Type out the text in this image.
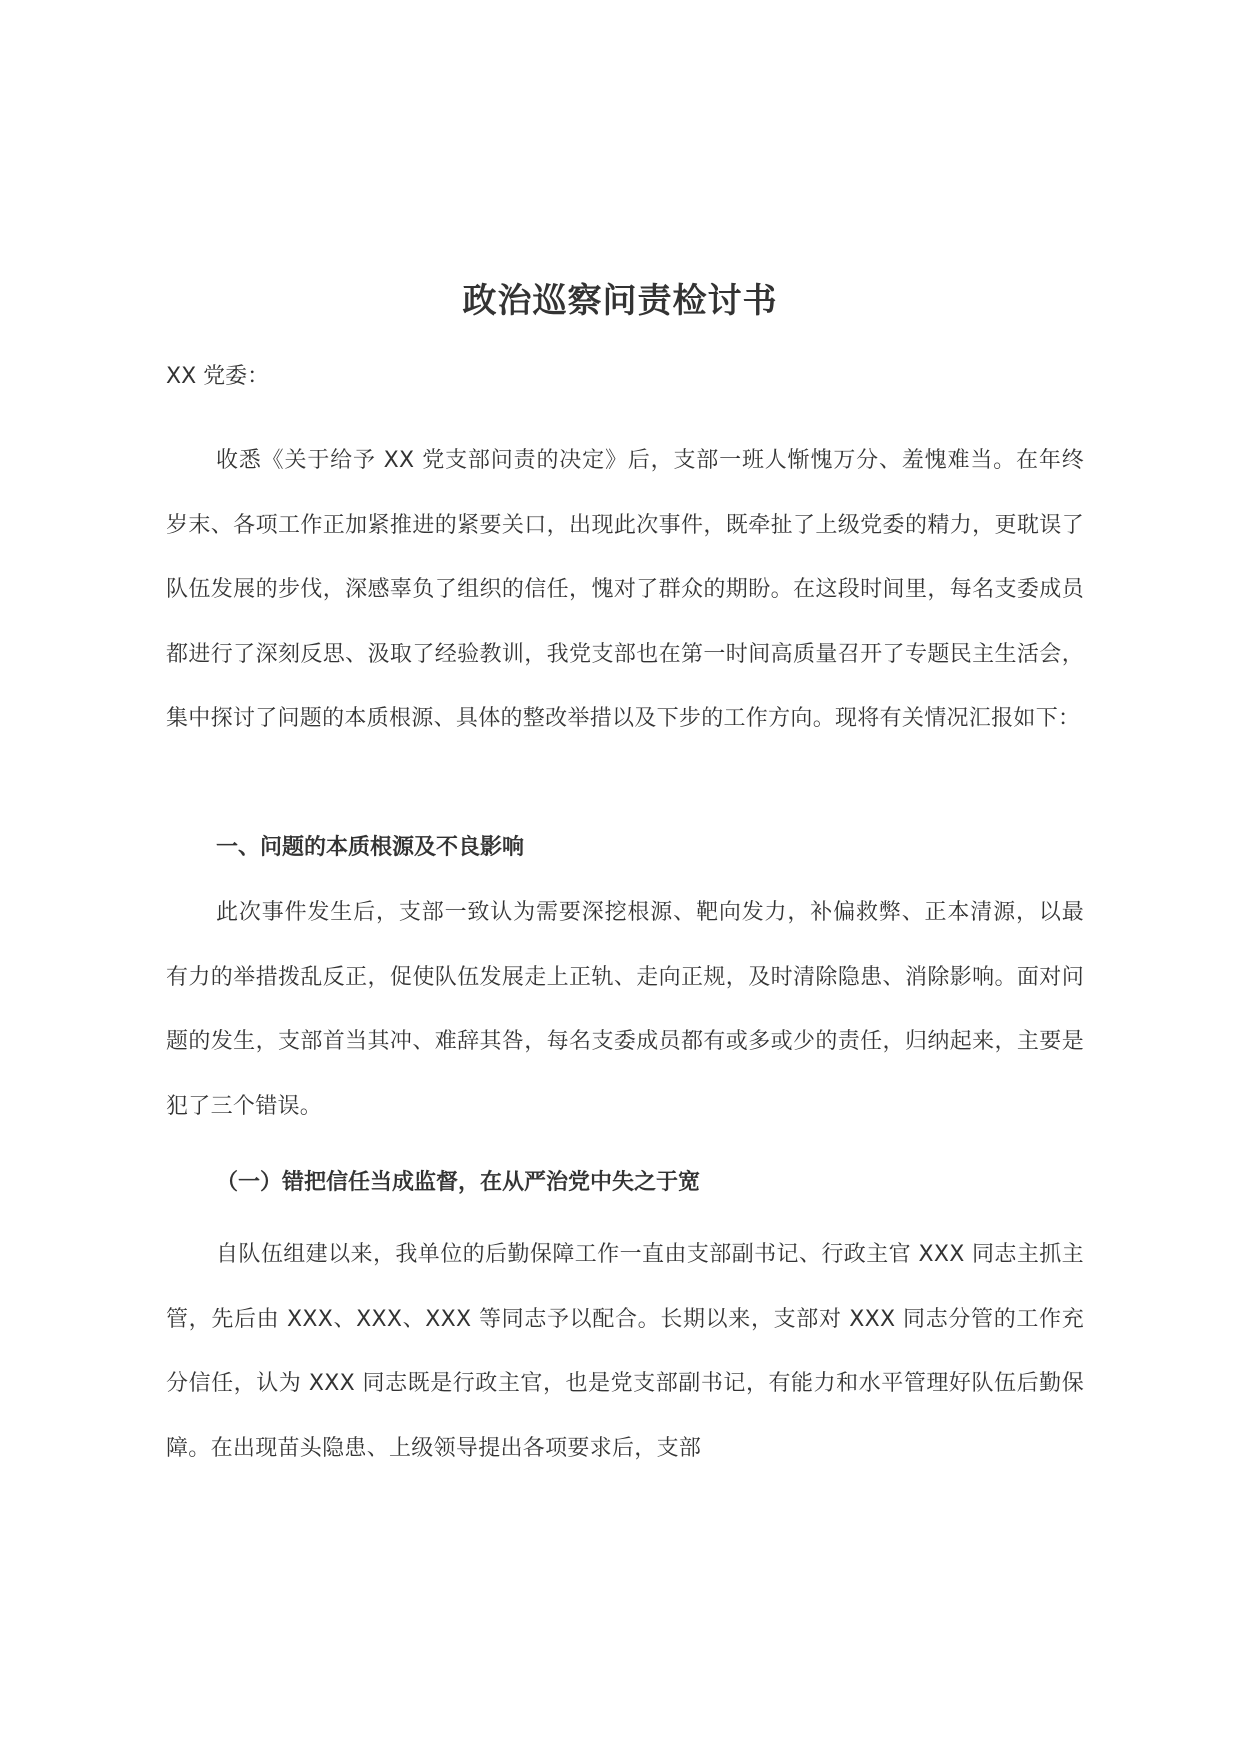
政治巡察问责检讨书

XX 党委：

收悉《关于给予 XX 党支部问责的决定》后，支部一班人惭愧万分、羞愧难当。在年终岁末、各项工作正加紧推进的紧要关口，出现此次事件，既牵扯了上级党委的精力，更耽误了队伍发展的步伐，深感辜负了组织的信任，愧对了群众的期盼。在这段时间里，每名支委成员都进行了深刻反思、汲取了经验教训，我党支部也在第一时间高质量召开了专题民主生活会，集中探讨了问题的本质根源、具体的整改举措以及下步的工作方向。现将有关情况汇报如下：

一、问题的本质根源及不良影响

此次事件发生后，支部一致认为需要深挖根源、靶向发力，补偏救弊、正本清源，以最有力的举措拨乱反正，促使队伍发展走上正轨、走向正规，及时清除隐患、消除影响。面对问题的发生，支部首当其冲、难辞其咎，每名支委成员都有或多或少的责任，归纳起来，主要是犯了三个错误。

（一）错把信任当成监督，在从严治党中失之于宽

自队伍组建以来，我单位的后勤保障工作一直由支部副书记、行政主官 XXX 同志主抓主管，先后由 XXX、XXX、XXX 等同志予以配合。长期以来，支部对 XXX 同志分管的工作充分信任，认为 XXX 同志既是行政主官，也是党支部副书记，有能力和水平管理好队伍后勤保障。在出现苗头隐患、上级领导提出各项要求后，支部
